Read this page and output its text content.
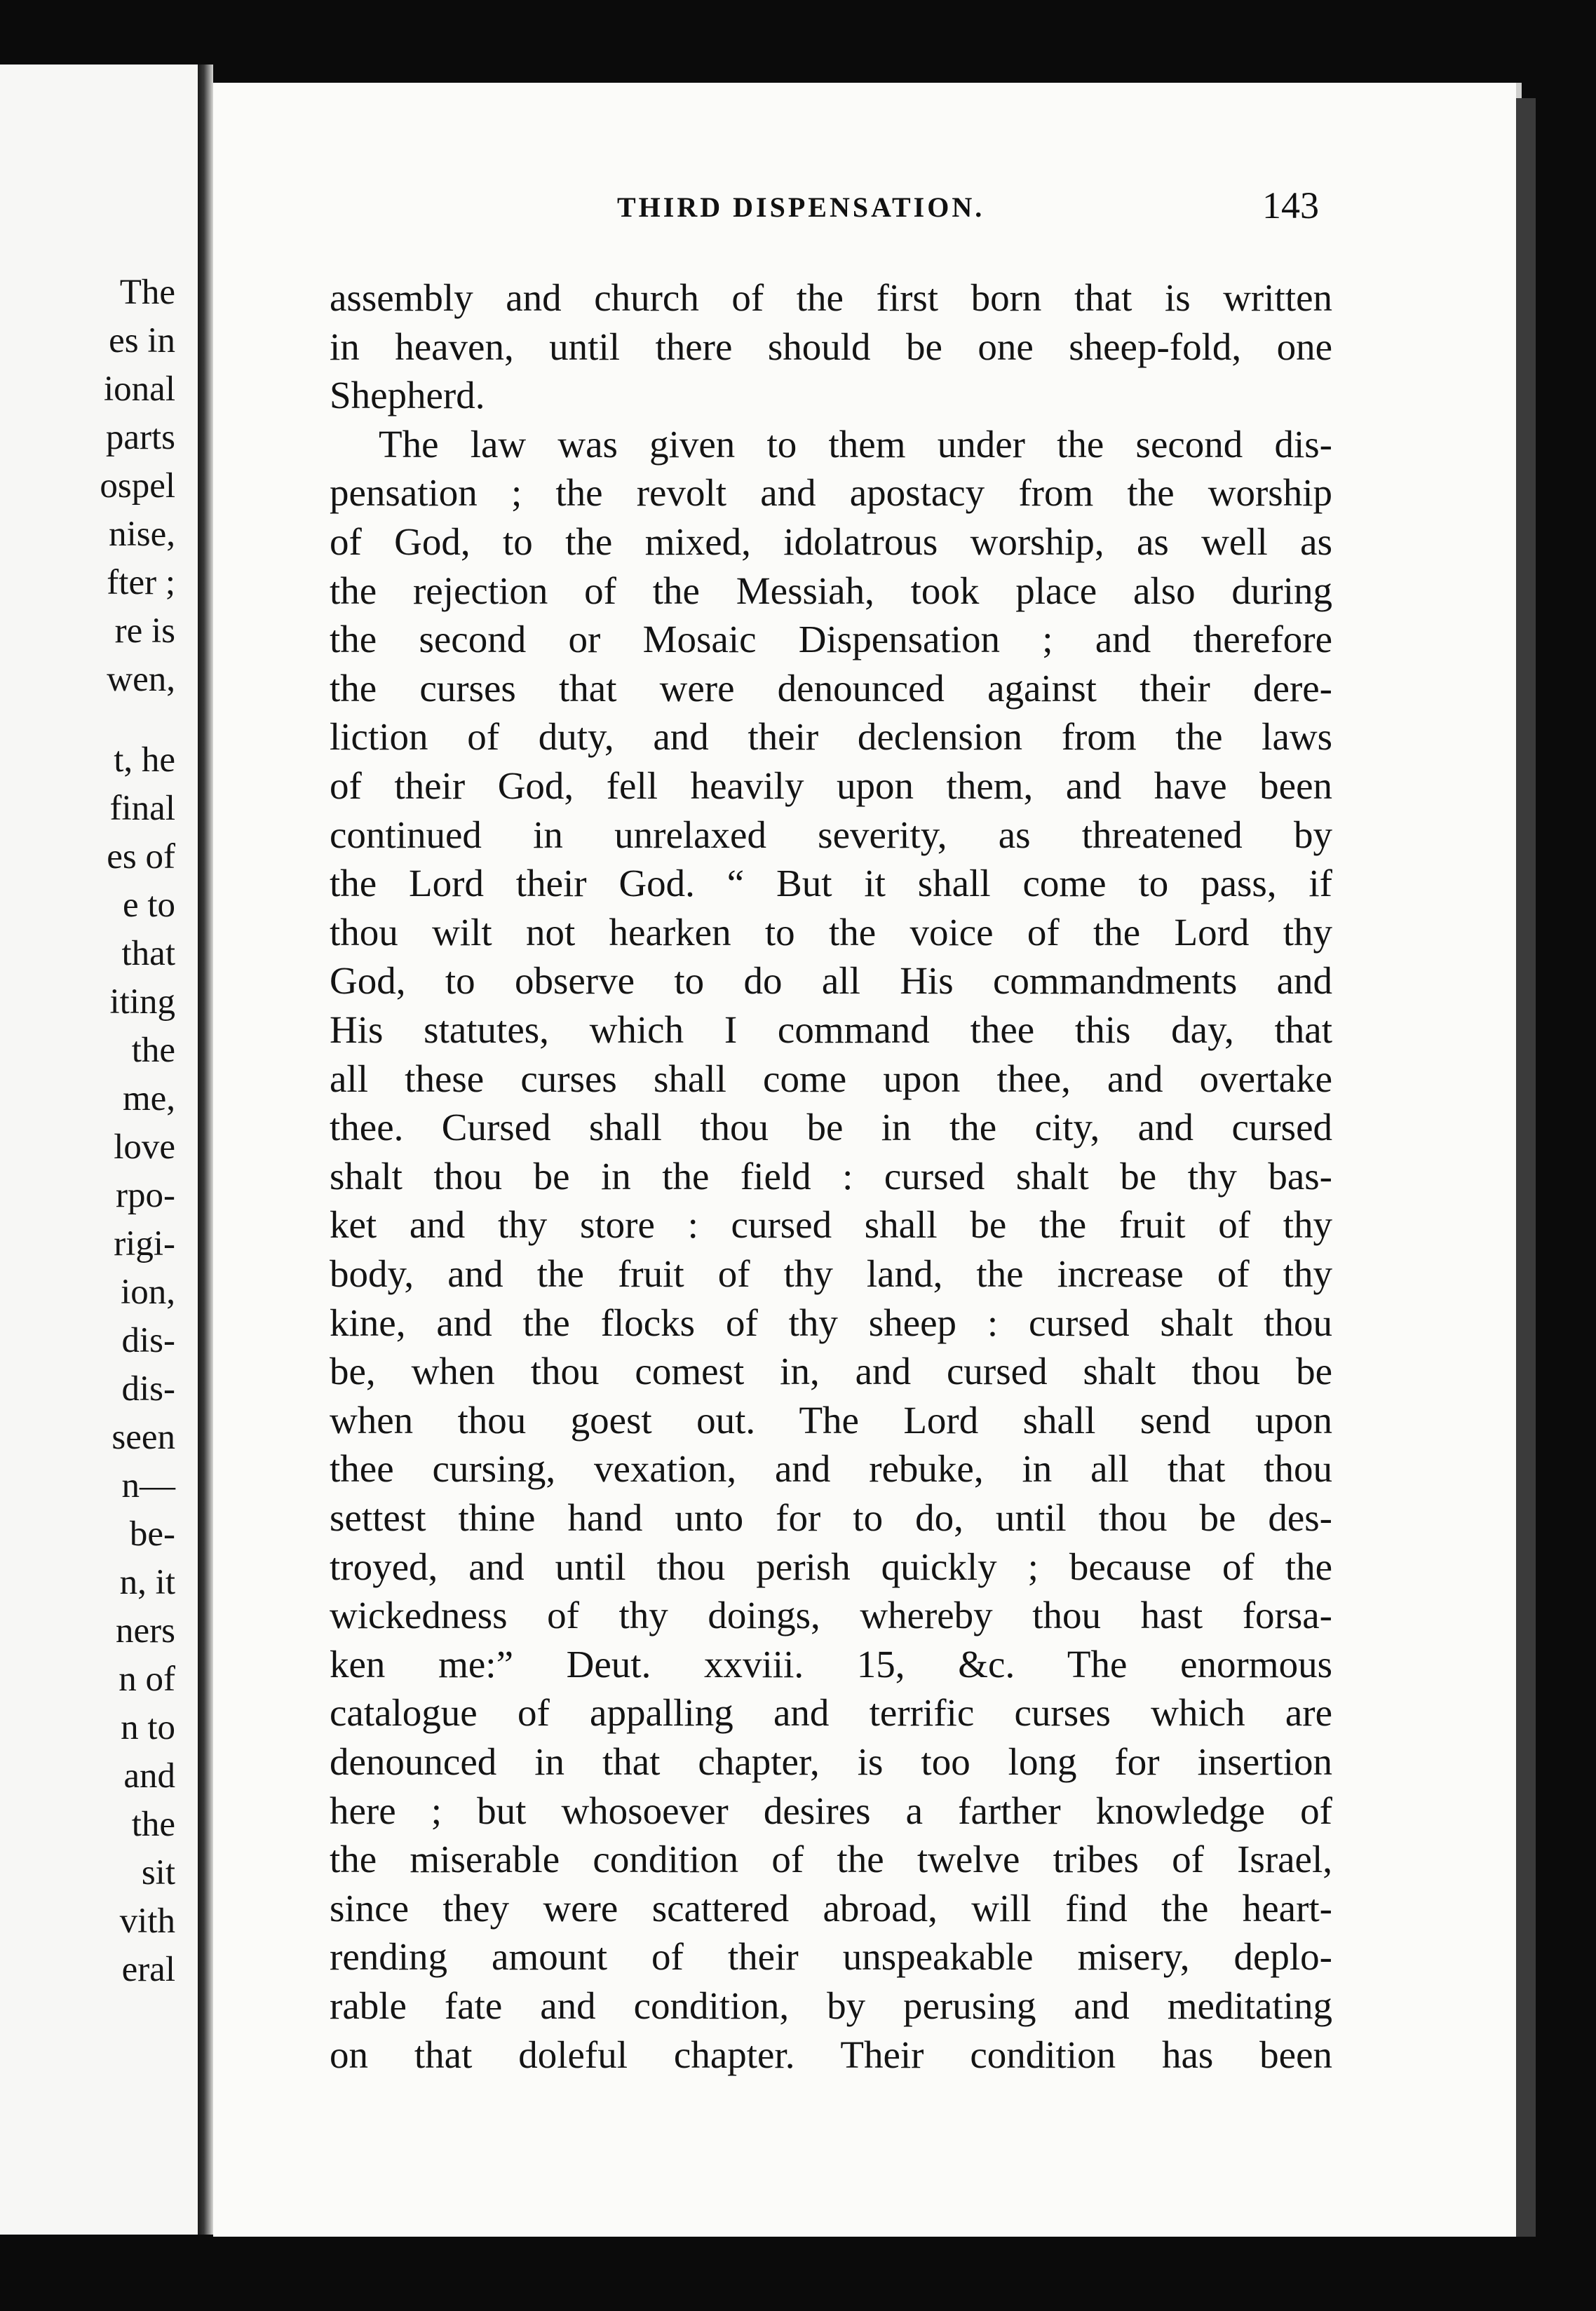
The
es in
ional
parts
ospel
nise,
fter ;
re is
wen,
t, he
final
es of
e to
that
iting
the
me,
love
rpo-
rigi-
ion,
dis-
dis-
seen
n—
be-
n, it
ners
n of
n to
and
the
sit
vith
eral
THIRD DISPENSATION.	143
assembly and church of the first born that is written
in heaven, until there should be one sheep-fold, one
Shepherd.
The law was given to them under the second dis-
pensation ; the revolt and apostacy from the worship
of God, to the mixed, idolatrous worship, as well as
the rejection of the Messiah, took place also during
the second or Mosaic Dispensation ; and therefore
the curses that were denounced against their dere-
liction of duty, and their declension from the laws
of their God, fell heavily upon them, and have been
continued in unrelaxed severity, as threatened by
the Lord their God. “ But it shall come to pass, if
thou wilt not hearken to the voice of the Lord thy
God, to observe to do all His commandments and
His statutes, which I command thee this day, that
all these curses shall come upon thee, and overtake
thee. Cursed shall thou be in the city, and cursed
shalt thou be in the field : cursed shalt be thy bas-
ket and thy store : cursed shall be the fruit of thy
body, and the fruit of thy land, the increase of thy
kine, and the flocks of thy sheep : cursed shalt thou
be, when thou comest in, and cursed shalt thou be
when thou goest out. The Lord shall send upon
thee cursing, vexation, and rebuke, in all that thou
settest thine hand unto for to do, until thou be des-
troyed, and until thou perish quickly ; because of the
wickedness of thy doings, whereby thou hast forsa-
ken me:” Deut. xxviii. 15, &c. The enormous
catalogue of appalling and terrific curses which are
denounced in that chapter, is too long for insertion
here ; but whosoever desires a farther knowledge of
the miserable condition of the twelve tribes of Israel,
since they were scattered abroad, will find the heart-
rending amount of their unspeakable misery, deplo-
rable fate and condition, by perusing and meditating
on that doleful chapter. Their condition has been
